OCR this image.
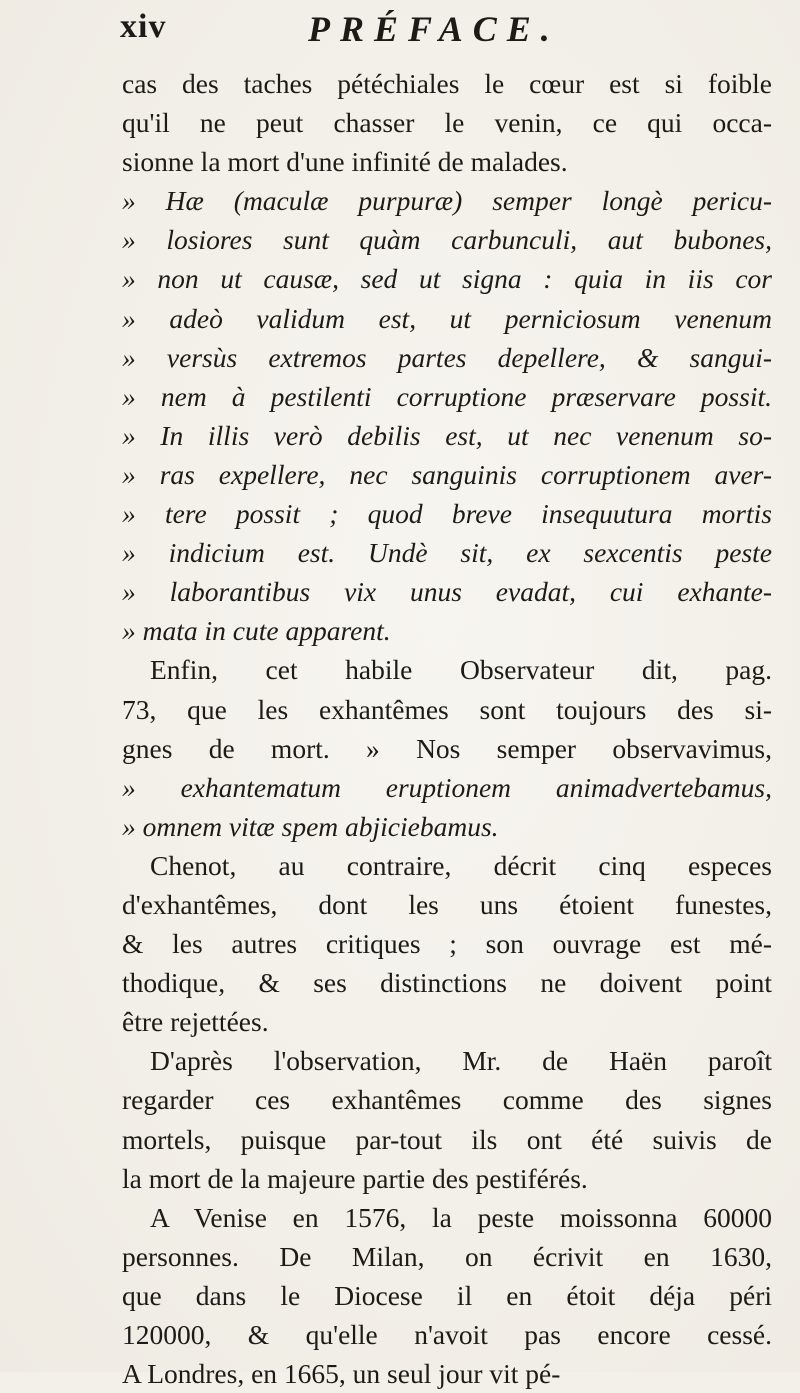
xiv	PRÉFACE.
cas des taches pétéchiales le cœur est si foible
qu'il ne peut chasser le venin, ce qui occa-
sionne la mort d'une infinité de malades.
» Hæ (maculæ purpuræ) semper longè pericu-
» losiores sunt quàm carbunculi, aut bubones,
» non ut causæ, sed ut signa : quia in iis cor
» adeò validum est, ut perniciosum venenum
» versùs extremos partes depellere, & sangui-
» nem à pestilenti corruptione præservare possit.
» In illis verò debilis est, ut nec venenum so-
» ras expellere, nec sanguinis corruptionem aver-
» tere possit ; quod breve insequutura mortis
» indicium est. Undè sit, ex sexcentis peste
» laborantibus vix unus evadat, cui exhante-
» mata in cute apparent.
Enfin, cet habile Observateur dit, pag.
73, que les exhantêmes sont toujours des si-
gnes de mort. » Nos semper observavimus,
» exhantematum eruptionem animadvertebamus,
» omnem vitæ spem abjiciebamus.
Chenot, au contraire, décrit cinq especes
d'exhantêmes, dont les uns étoient funestes,
& les autres critiques ; son ouvrage est mé-
thodique, & ses distinctions ne doivent point
être rejettées.
D'après l'observation, Mr. de Haën paroît
regarder ces exhantêmes comme des signes
mortels, puisque par-tout ils ont été suivis de
la mort de la majeure partie des pestiférés.
A Venise en 1576, la peste moissonna 60000
personnes. De Milan, on écrivit en 1630,
que dans le Diocese il en étoit déja péri
120000, & qu'elle n'avoit pas encore cessé.
A Londres, en 1665, un seul jour vit pé-
